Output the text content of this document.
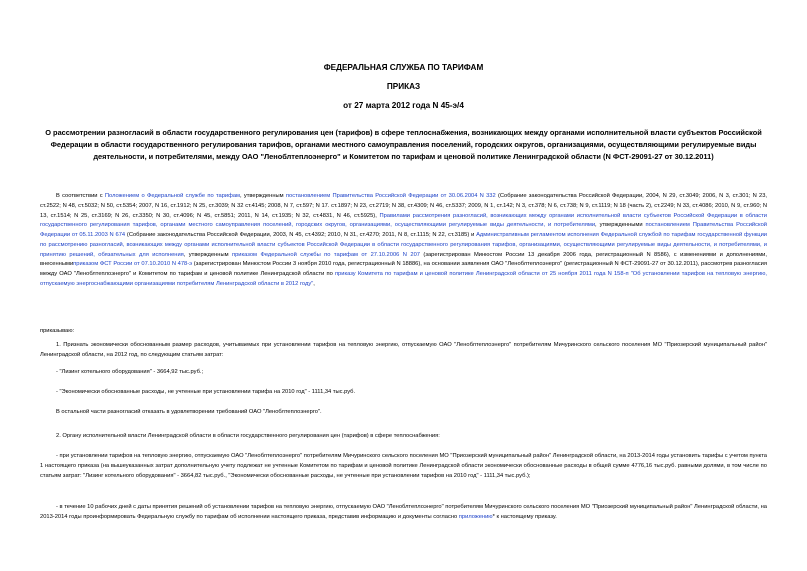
ФЕДЕРАЛЬНАЯ СЛУЖБА ПО ТАРИФАМ
ПРИКАЗ
от 27 марта 2012 года N 45-э/4
О рассмотрении разногласий в области государственного регулирования цен (тарифов) в сфере теплоснабжения, возникающих между органами исполнительной власти субъектов Российской Федерации в области государственного регулирования тарифов, органами местного самоуправления поселений, городских округов, организациями, осуществляющими регулируемые виды деятельности, и потребителями, между ОАО "Леноблтеплоэнерго" и Комитетом по тарифам и ценовой политике Ленинградской области (N ФСТ-29091-27 от 30.12.2011)
В соответствии с Положением о Федеральной службе по тарифам, утвержденным постановлением Правительства Российской Федерации от 30.06.2004 N 332 (Собрание законодательства Российской Федерации, 2004, N 29, ст.3049; 2006, N 3, ст.301; N 23, ст.2522; N 48, ст.5032; N 50, ст.5354; 2007, N 16, ст.1912; N 25, ст.3039; N 32 ст.4145; 2008, N 7, ст.597; N 17. ст.1897; N 23, ст.2719; N 38, ст.4309; N 46, ст.5337; 2009, N 1, ст.142; N 3, ст.378; N 6, ст.738; N 9, ст.1119; N 18 (часть 2), ст.2249; N 33, ст.4086; 2010, N 9, ст.960; N 13, ст.1514; N 25, ст.3169; N 26, ст.3350; N 30, ст.4096; N 45, ст.5851; 2011, N 14, ст.1935; N 32, ст.4831, N 46, ст.5925), Правилами рассмотрения разногласий, возникающих между органами исполнительной власти субъектов Российской Федерации в области государственного регулирования тарифов, органами местного самоуправления поселений, городских округов, организациями, осуществляющими регулируемые виды деятельности, и потребителями, утвержденными постановлением Правительства Российской Федерации от 05.11.2003 N 674 (Собрание законодательства Российской Федерации, 2003, N 45, ст.4392; 2010, N 31, ст.4270; 2011, N 8, ст.1115; N 22, ст.3185) и Административным регламентом исполнения Федеральной службой по тарифам государственной функции по рассмотрению разногласий, возникающих между органами исполнительной власти субъектов Российской Федерации в области государственного регулирования тарифов, организациями, осуществляющими регулируемые виды деятельности, и потребителями, и принятию решений, обязательных для исполнения, утвержденным приказом Федеральной службы по тарифам от 27.10.2006 N 207 (зарегистрирован Минюстом России 13 декабря 2006 года, регистрационный N 8586), с изменениями и дополнениями, внесеннымиприказом ФСТ России от 07.10.2010 N 478-э (зарегистрирован Минюстом России 3 ноября 2010 года, регистрационный N 18886), на основании заявления ОАО "Леноблтеплоэнерго" (регистрационный N ФСТ-29091-27 от 30.12.2011), рассмотрев разногласия между ОАО "Леноблтеплоэнерго" и Комитетом по тарифам и ценовой политике Ленинградской области по приказу Комитета по тарифам и ценовой политике Ленинградской области от 25 ноября 2011 года N 158-п "Об установлении тарифов на тепловую энергию, отпускаемую энергоснабжающими организациями потребителям Ленинградской области в 2012 году",
приказываю:
1. Признать экономически обоснованным размер расходов, учитываемых при установлении тарифов на тепловую энергию, отпускаемую ОАО "Леноблтеплоэнерго" потребителям Мичуринского сельского поселения МО "Приозерский муниципальный район" Ленинградской области, на 2012 год, по следующим статьям затрат:
- "Лизинг котельного оборудования" - 3664,92 тыс.руб.;
- "Экономически обоснованные расходы, не учтенные при установлении тарифа на 2010 год" - 1111,34 тыс.руб.
В остальной части разногласий отказать в удовлетворении требований ОАО "Леноблтеплоэнерго".
2. Органу исполнительной власти Ленинградской области в области государственного регулирования цен (тарифов) в сфере теплоснабжения:
- при установлении тарифов на тепловую энергию, отпускаемую ОАО "Леноблтеплоэнерго" потребителям Мичуринского сельского поселения МО "Приозерский муниципальный район" Ленинградской области, на 2013-2014 годы установить тарифы с учетом пункта 1 настоящего приказа (на вышеуказанных затрат дополнительную учету подлежат не учтенные Комитетом по тарифам и ценовой политике Ленинградской области экономически обоснованные расходы в общей сумме 4776,16 тыс.руб. равными долями, в том числе по статьям затрат: "Лизинг котельного оборудования" - 3664,82 тыс.руб., "Экономически обоснованные расходы, не учтенные при установлении тарифов на 2010 год" - 1111,34 тыс.руб.);
- в течение 10 рабочих дней с даты принятия решений об установлении тарифов на тепловую энергию, отпускаемую ОАО "Леноблтеплоэнерго" потребителям Мичуринского сельского поселения МО "Приозерский муниципальный район" Ленинградской области, на 2013-2014 годы проинформировать Федеральную службу по тарифам об исполнении настоящего приказа, представив информацию и документы согласно приложению* к настоящему приказу.
